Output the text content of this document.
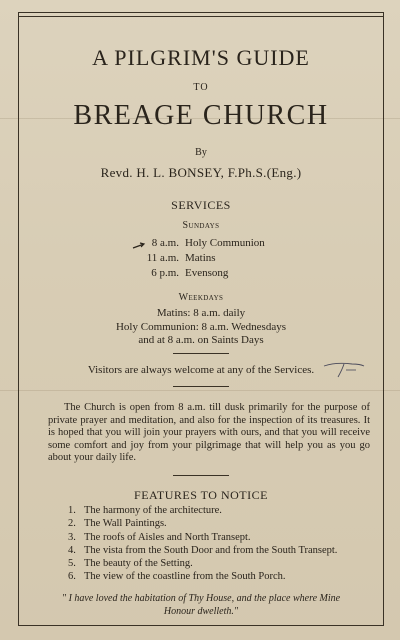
A PILGRIM'S GUIDE
TO
BREAGE CHURCH
By
Revd. H. L. BONSEY, F.Ph.S.(Eng.)
SERVICES
Sundays
8 a.m. Holy Communion
11 a.m. Matins
6 p.m. Evensong
Weekdays
Matins: 8 a.m. daily
Holy Communion: 8 a.m. Wednesdays
and at 8 a.m. on Saints Days
Visitors are always welcome at any of the Services.
The Church is open from 8 a.m. till dusk primarily for the purpose of private prayer and meditation, and also for the inspection of its treasures. It is hoped that you will join your prayers with ours, and that you will receive some comfort and joy from your pilgrimage that will help you as you go about your daily life.
FEATURES TO NOTICE
1. The harmony of the architecture.
2. The Wall Paintings.
3. The roofs of Aisles and North Transept.
4. The vista from the South Door and from the South Transept.
5. The beauty of the Setting.
6. The view of the coastline from the South Porch.
" I have loved the habitation of Thy House, and the place where Mine Honour dwelleth."
